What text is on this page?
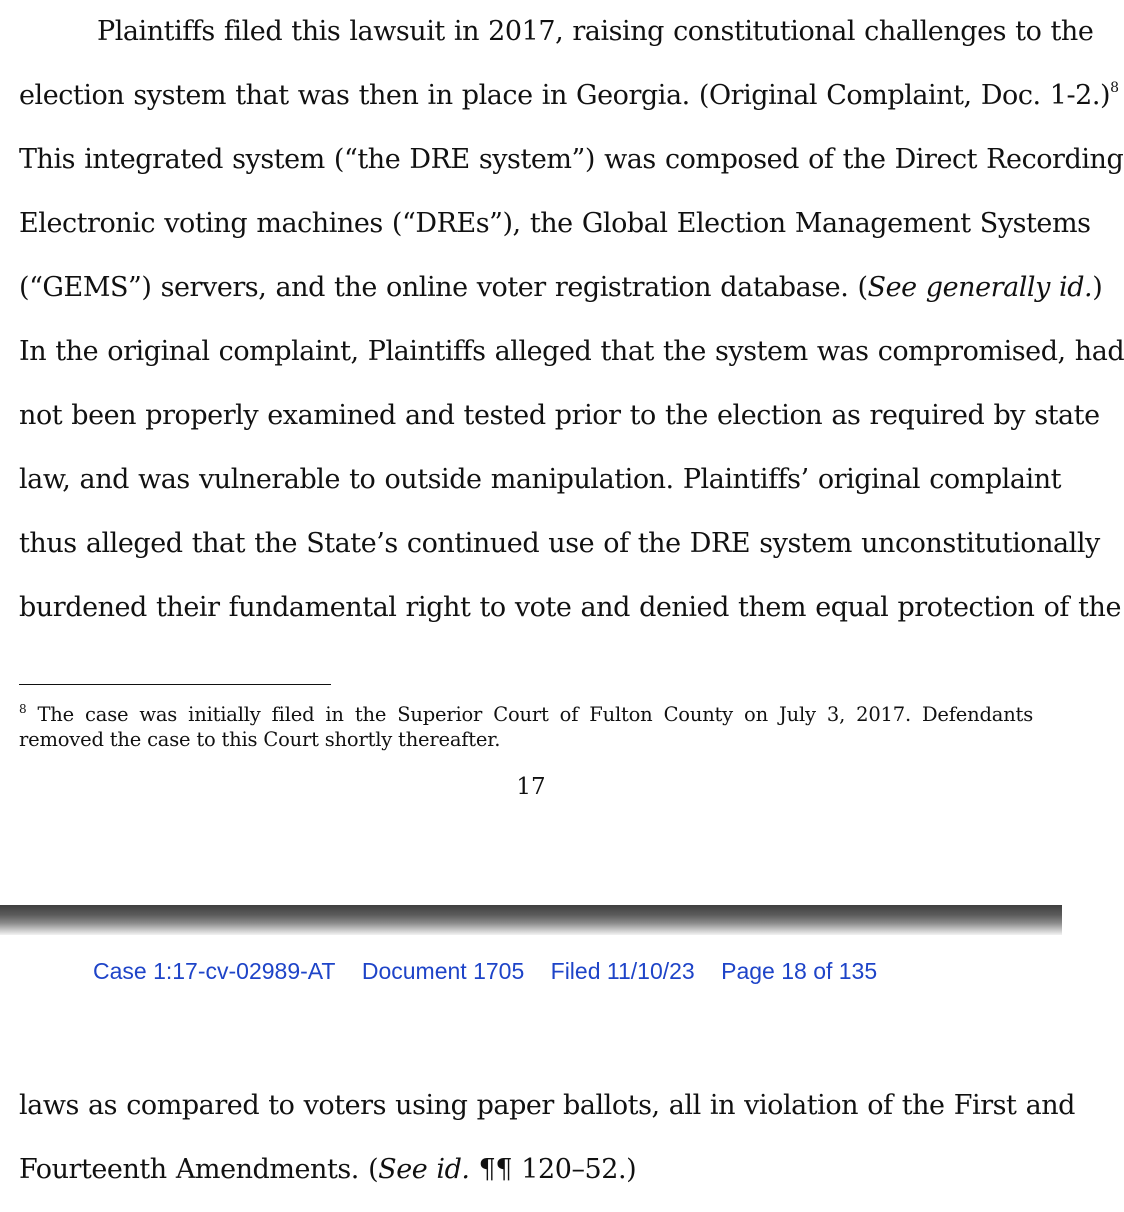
Plaintiffs filed this lawsuit in 2017, raising constitutional challenges to the
election system that was then in place in Georgia. (Original Complaint, Doc. 1-2.)$^8$
This integrated system (“the DRE system”) was composed of the Direct Recording
Electronic voting machines (“DREs”), the Global Election Management Systems
(“GEMS”) servers, and the online voter registration database. (See generally id.)
In the original complaint, Plaintiffs alleged that the system was compromised, had
not been properly examined and tested prior to the election as required by state
law, and was vulnerable to outside manipulation. Plaintiffs’ original complaint
thus alleged that the State’s continued use of the DRE system unconstitutionally
burdened their fundamental right to vote and denied them equal protection of the
$^8$ The case was initially filed in the Superior Court of Fulton County on July 3, 2017. Defendants
removed the case to this Court shortly thereafter.
17
Case 1:17-cv-02989-AT Document 1705 Filed 11/10/23 Page 18 of 135
laws as compared to voters using paper ballots, all in violation of the First and
Fourteenth Amendments. (See id. ¶¶ 120–52.)
